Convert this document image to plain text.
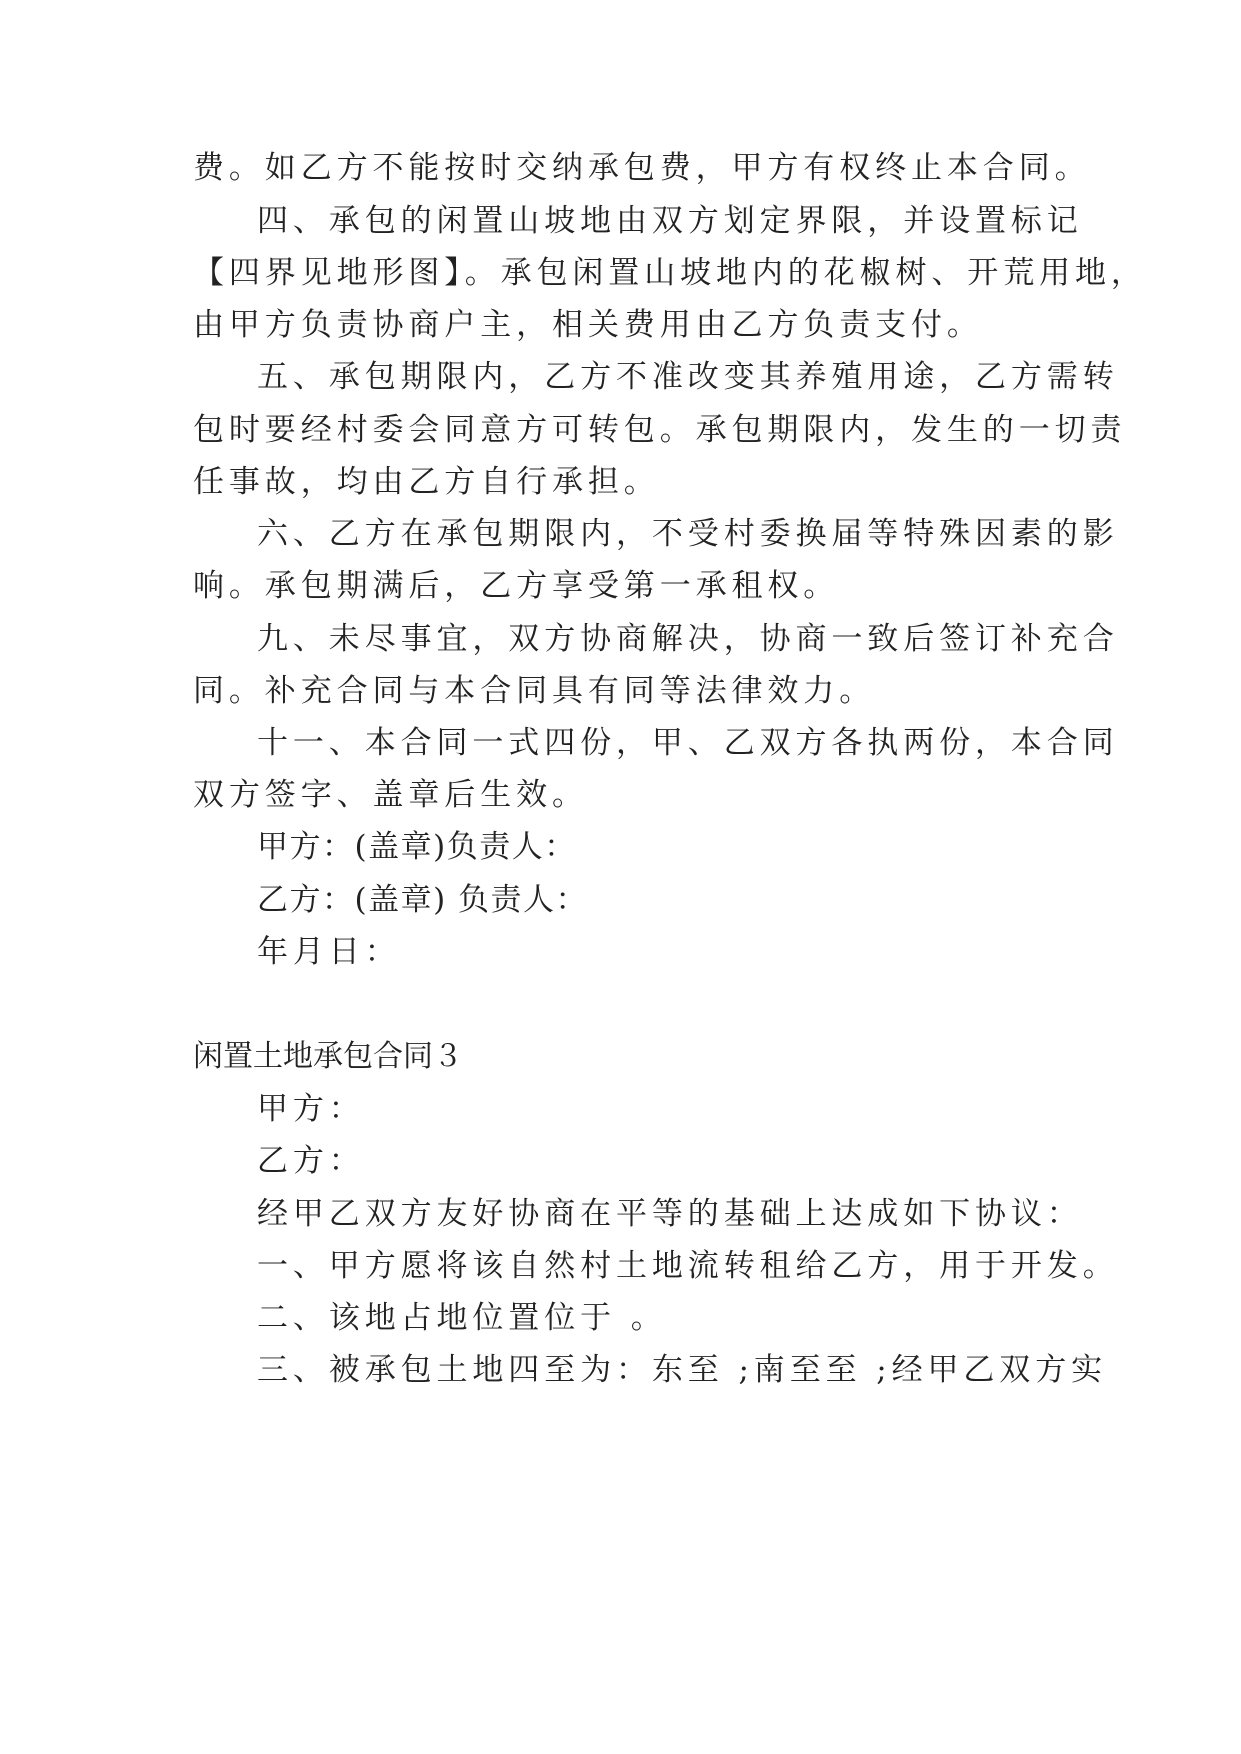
费。如乙方不能按时交纳承包费，甲方有权终止本合同。
四、承包的闲置山坡地由双方划定界限，并设置标记
【四界见地形图】。承包闲置山坡地内的花椒树、开荒用地，
由甲方负责协商户主，相关费用由乙方负责支付。
五、承包期限内，乙方不准改变其养殖用途，乙方需转
包时要经村委会同意方可转包。承包期限内，发生的一切责
任事故，均由乙方自行承担。
六、乙方在承包期限内，不受村委换届等特殊因素的影
响。承包期满后，乙方享受第一承租权。
九、未尽事宜，双方协商解决，协商一致后签订补充合
同。补充合同与本合同具有同等法律效力。
十一、本合同一式四份，甲、乙双方各执两份，本合同
双方签字、盖章后生效。
甲方：(盖章)负责人：
乙方：(盖章) 负责人：
年月日：
闲置土地承包合同３
甲方：
乙方：
经甲乙双方友好协商在平等的基础上达成如下协议：
一、甲方愿将该自然村土地流转租给乙方，用于开发。
二、该地占地位置位于 。
三、被承包土地四至为：东至 ;南至至 ;经甲乙双方实
